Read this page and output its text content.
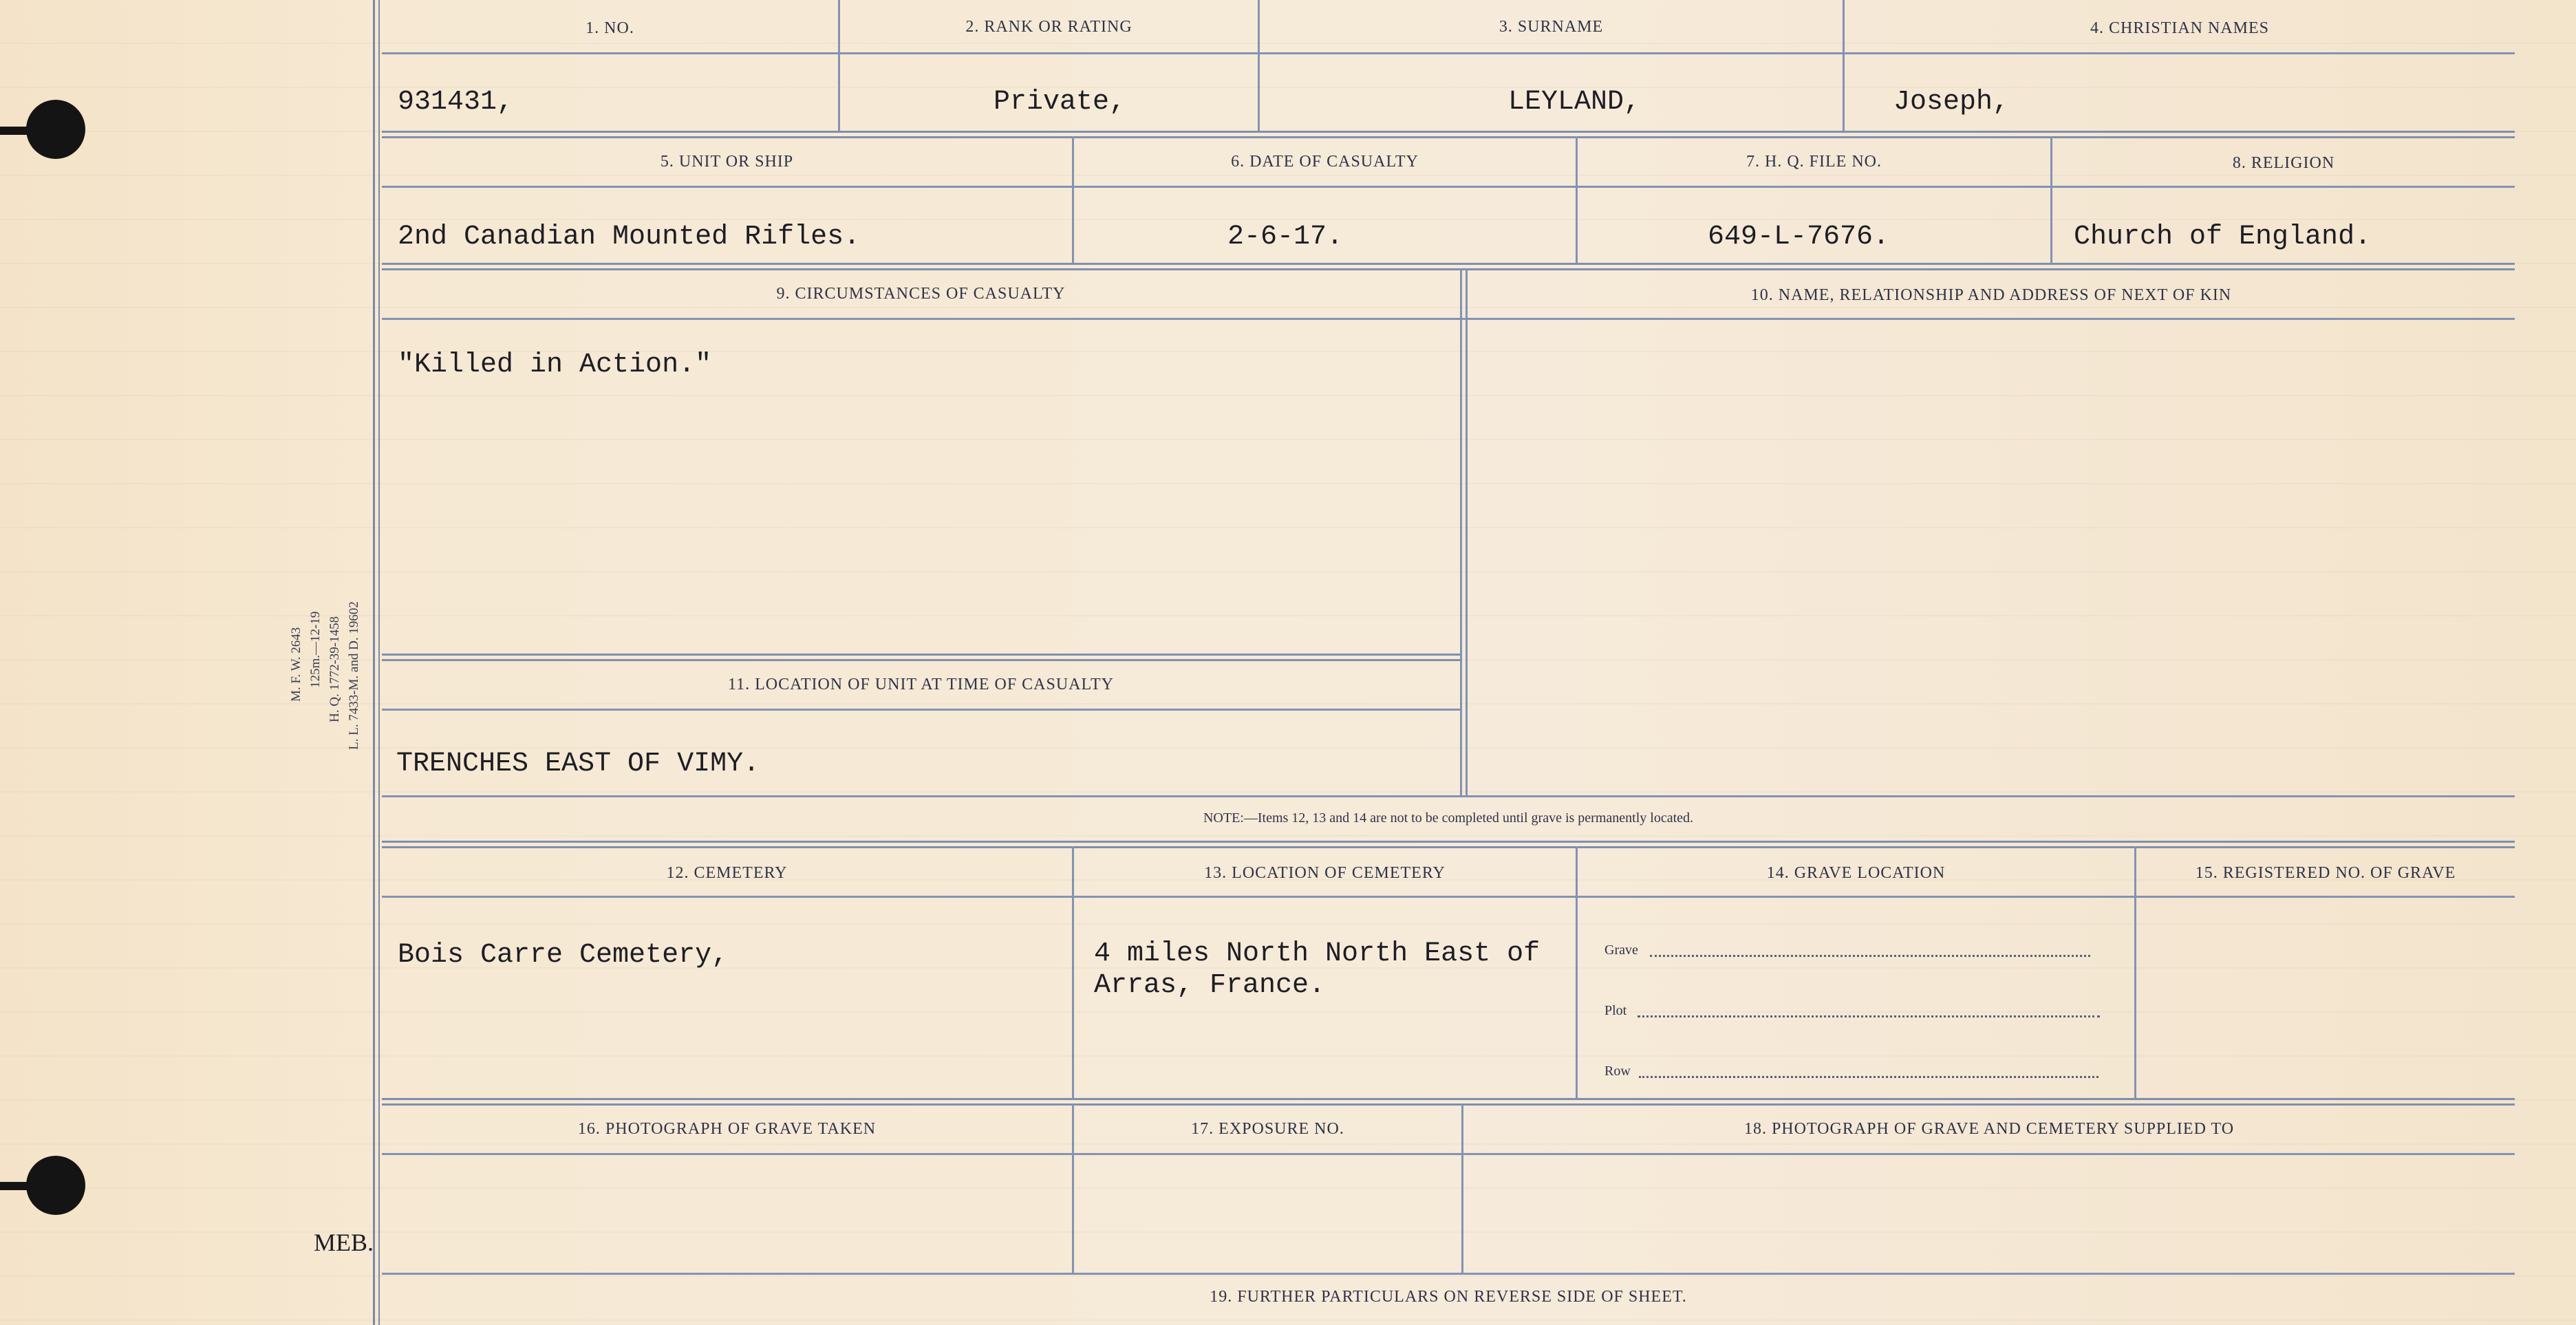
M. F. W. 2643 125m.—12-19 H. Q. 1772-39-1458 L. L. 7433-M. and D. 19602
MEB.
1. NO.	2. RANK OR RATING	3. SURNAME	4. CHRISTIAN NAMES
931431,	Private,	LEYLAND,	Joseph,
5. UNIT OR SHIP	6. DATE OF CASUALTY	7. H. Q. FILE NO.	8. RELIGION
2nd Canadian Mounted Rifles.	2-6-17.	649-L-7676.	Church of England.
9. CIRCUMSTANCES OF CASUALTY	10. NAME, RELATIONSHIP AND ADDRESS OF NEXT OF KIN
"Killed in Action."
11. LOCATION OF UNIT AT TIME OF CASUALTY
TRENCHES EAST OF VIMY.
NOTE:—Items 12, 13 and 14 are not to be completed until grave is permanently located.
12. CEMETERY	13. LOCATION OF CEMETERY	14. GRAVE LOCATION	15. REGISTERED NO. OF GRAVE
Bois Carre Cemetery,	4 miles North North East of
Arras, France.
Grave
Plot
Row
16. PHOTOGRAPH OF GRAVE TAKEN	17. EXPOSURE NO.	18. PHOTOGRAPH OF GRAVE AND CEMETERY SUPPLIED TO
19. FURTHER PARTICULARS ON REVERSE SIDE OF SHEET.
